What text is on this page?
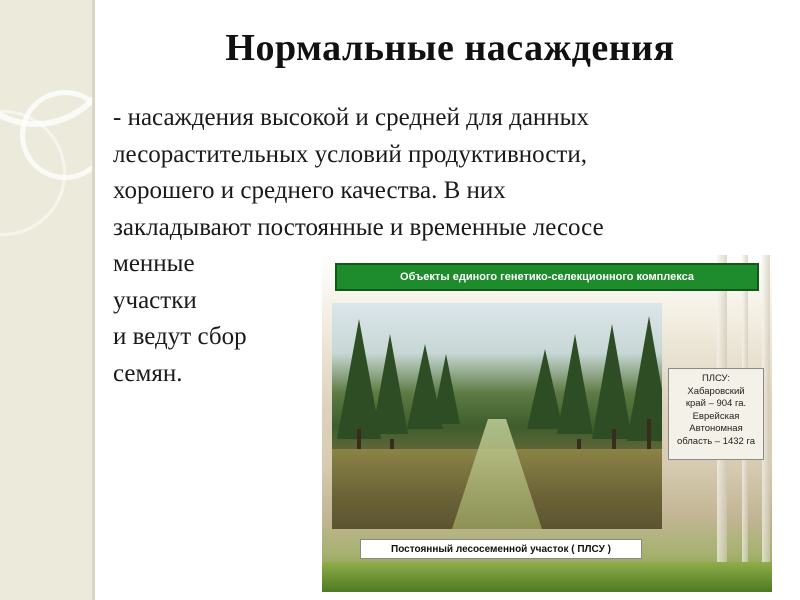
Нормальные насаждения
- насаждения высокой и средней для данных
лесорастительных условий продуктивности,
хорошего и среднего качества. В них
закладывают постоянные и временные лесосе
менные
участки
и ведут сбор
семян.
Объекты единого генетико-селекционного комплекса
ПЛСУ:
Хабаровский
край – 904 га.
Еврейская
Автономная
область – 1432 га
Постоянный лесосеменной участок ( ПЛСУ )
